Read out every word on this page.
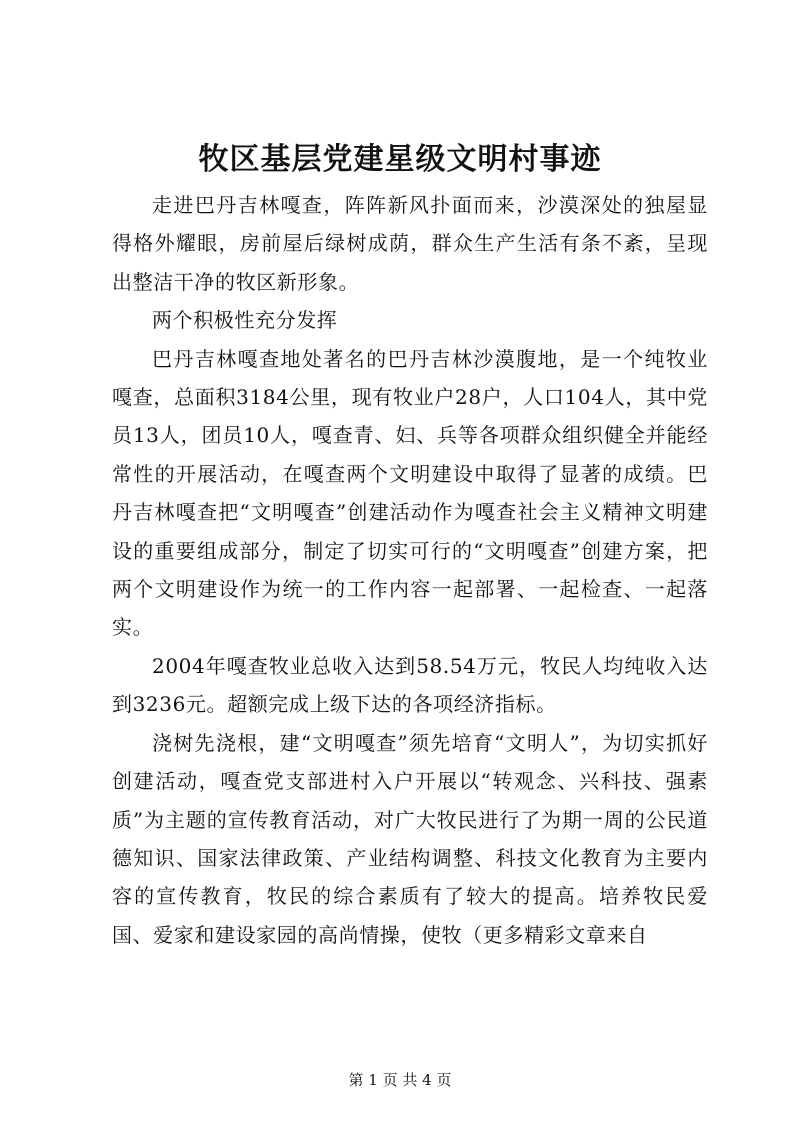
牧区基层党建星级文明村事迹

走进巴丹吉林嘎查，阵阵新风扑面而来，沙漠深处的独屋显得格外耀眼，房前屋后绿树成荫，群众生产生活有条不紊，呈现出整洁干净的牧区新形象。

两个积极性充分发挥

巴丹吉林嘎查地处著名的巴丹吉林沙漠腹地，是一个纯牧业嘎查，总面积3184公里，现有牧业户28户，人口104人，其中党员13人，团员10人，嘎查青、妇、兵等各项群众组织健全并能经常性的开展活动，在嘎查两个文明建设中取得了显著的成绩。巴丹吉林嘎查把“文明嘎查”创建活动作为嘎查社会主义精神文明建设的重要组成部分，制定了切实可行的“文明嘎查”创建方案，把两个文明建设作为统一的工作内容一起部署、一起检查、一起落实。

2004年嘎查牧业总收入达到58.54万元，牧民人均纯收入达到3236元。超额完成上级下达的各项经济指标。

浇树先浇根，建“文明嘎查”须先培育“文明人”，为切实抓好创建活动，嘎查党支部进村入户开展以“转观念、兴科技、强素质”为主题的宣传教育活动，对广大牧民进行了为期一周的公民道德知识、国家法律政策、产业结构调整、科技文化教育为主要内容的宣传教育，牧民的综合素质有了较大的提高。培养牧民爱国、爱家和建设家园的高尚情操，使牧（更多精彩文章来自

第 1 页 共 4 页
